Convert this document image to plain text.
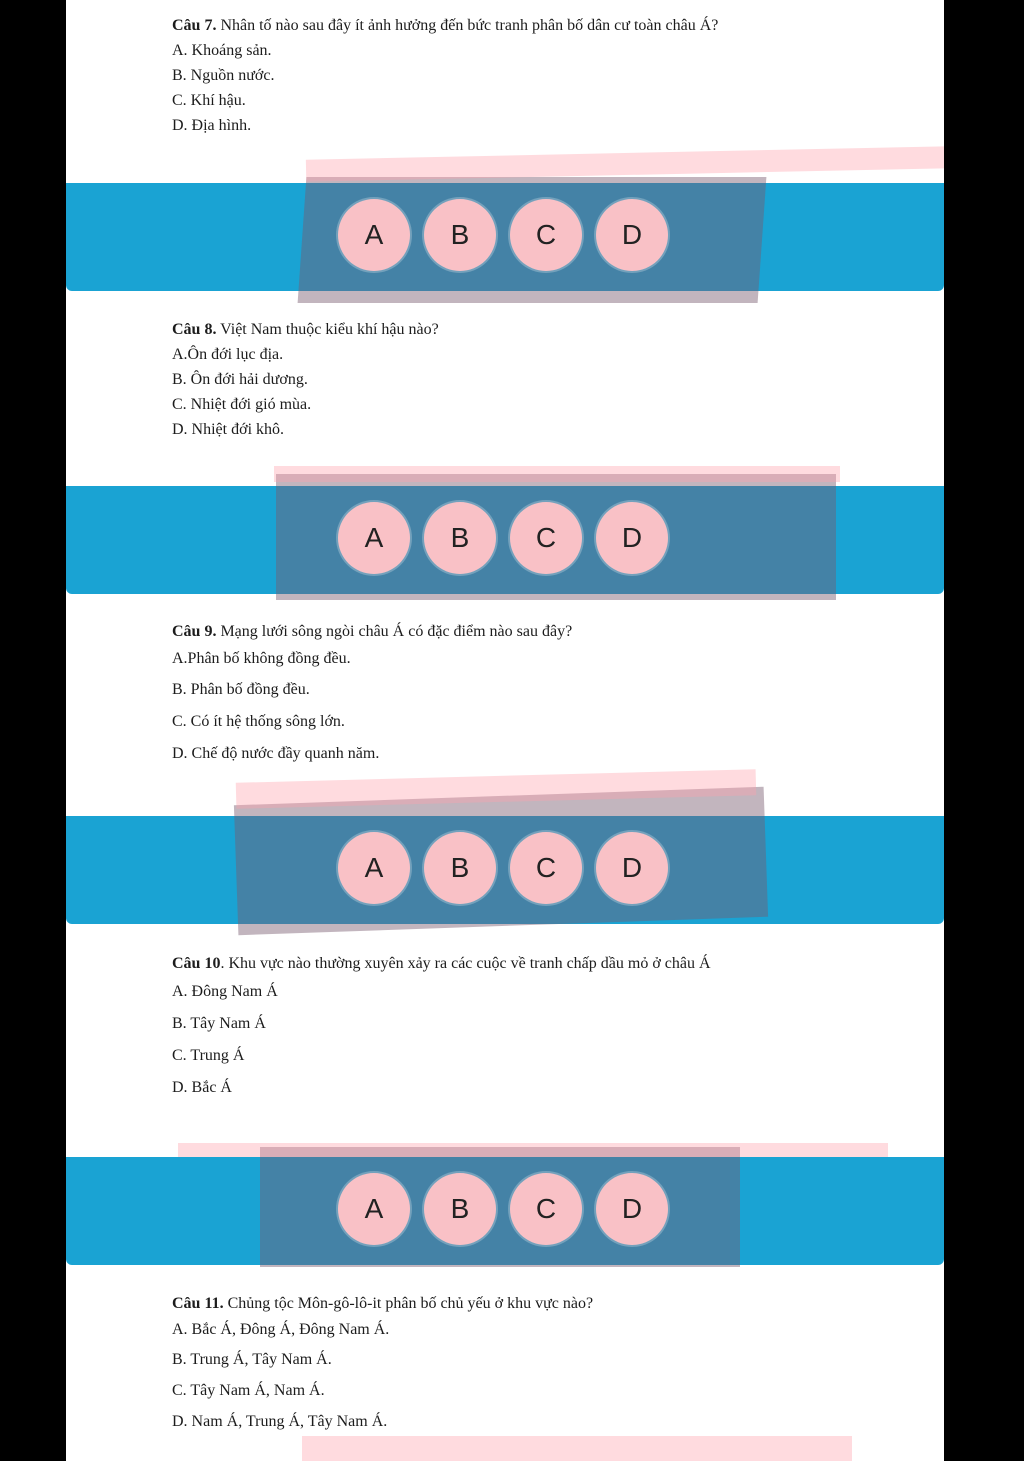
Câu 7. Nhân tố nào sau đây ít ảnh hưởng đến bức tranh phân bố dân cư toàn châu Á?
A. Khoáng sản.
B. Nguồn nước.
C. Khí hậu.
D. Địa hình.
A	B	C	D
Câu 8. Việt Nam thuộc kiểu khí hậu nào?
A.Ôn đới lục địa.
B. Ôn đới hải dương.
C. Nhiệt đới gió mùa.
D. Nhiệt đới khô.
A	B	C	D
Câu 9. Mạng lưới sông ngòi châu Á có đặc điểm nào sau đây?
A.Phân bố không đồng đều.
B. Phân bố đồng đều.
C. Có ít hệ thống sông lớn.
D. Chế độ nước đầy quanh năm.
A	B	C	D
Câu 10. Khu vực nào thường xuyên xảy ra các cuộc về tranh chấp dầu mỏ ở châu Á
A. Đông Nam Á
B. Tây Nam Á
C. Trung Á
D. Bắc Á
A	B	C	D
Câu 11. Chủng tộc Môn-gô-lô-it phân bố chủ yếu ở khu vực nào?
A. Bắc Á, Đông Á, Đông Nam Á.
B. Trung Á, Tây Nam Á.
C. Tây Nam Á, Nam Á.
D. Nam Á, Trung Á, Tây Nam Á.
